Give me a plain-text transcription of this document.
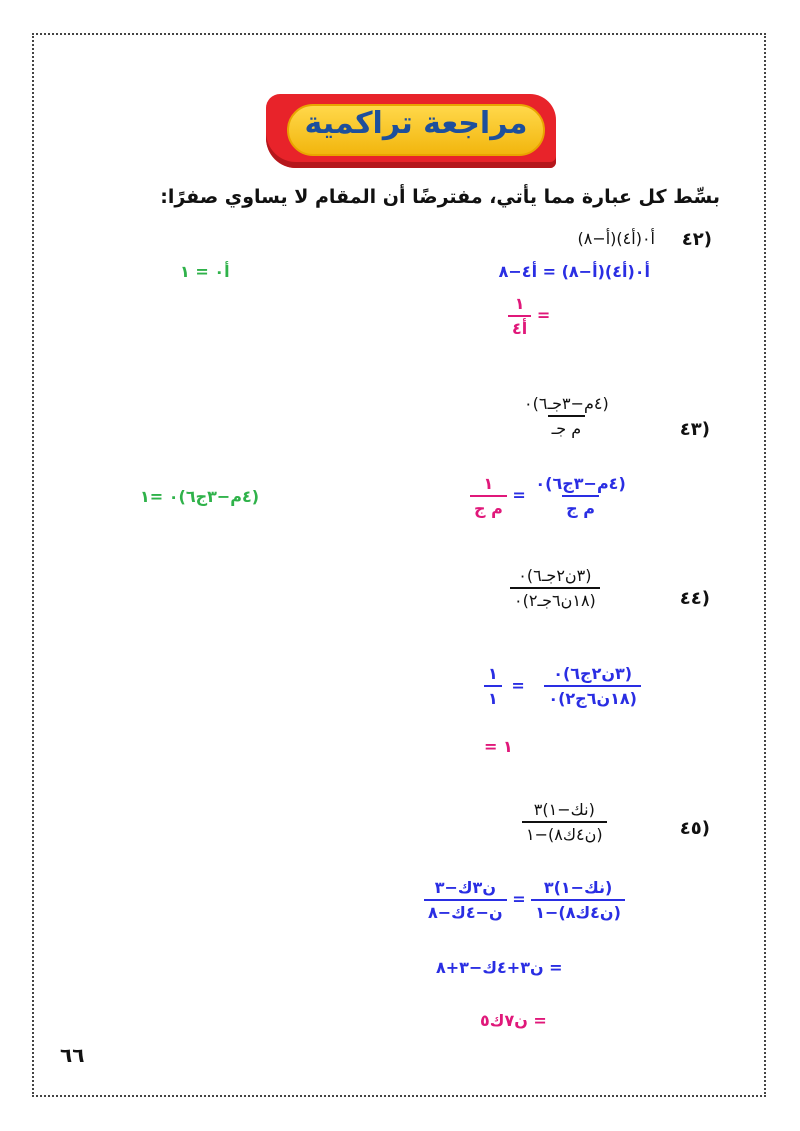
مراجعة تراكمية
بسِّط كل عبارة مما يأتي، مفترضًا أن المقام لا يساوي صفرًا:
(٤٢
أ٠(أ٤)(أ−٨)
أ٠(أ٤)(أ−٨) = أ٤−٨
$\frac{١}{\text{أ٤}}$ =
أ٠ = ١
(٤٣
$\frac{\text{(٤م−٣جـ٦)٠}}{\text{م جـ}}$
$\frac{١}{\text{م ج}} = \frac{\text{(٤م−٣ج٦)٠}}{\text{م ج}}$
(٤م−٣ج٦)٠ =١
(٤٤
$\frac{\text{(٣ن٢جـ٦)٠}}{\text{(١٨ن٦جـ٢)٠}}$
$\frac{١}{١} = \frac{\text{(٣ن٢ج٦)٠}}{\text{(١٨ن٦ج٢)٠}}$
١ =
(٤٥
$\frac{\text{(نك−١)٣}}{\text{(ن٤ك٨)−١}}$
$\frac{\text{ن٣ك−٣}}{\text{ن−٤ك−٨}} = \frac{\text{(نك−١)٣}}{\text{(ن٤ك٨)−١}}$
= ن٣+٤ك−٣+٨
= ن٧ك٥
٦٦
